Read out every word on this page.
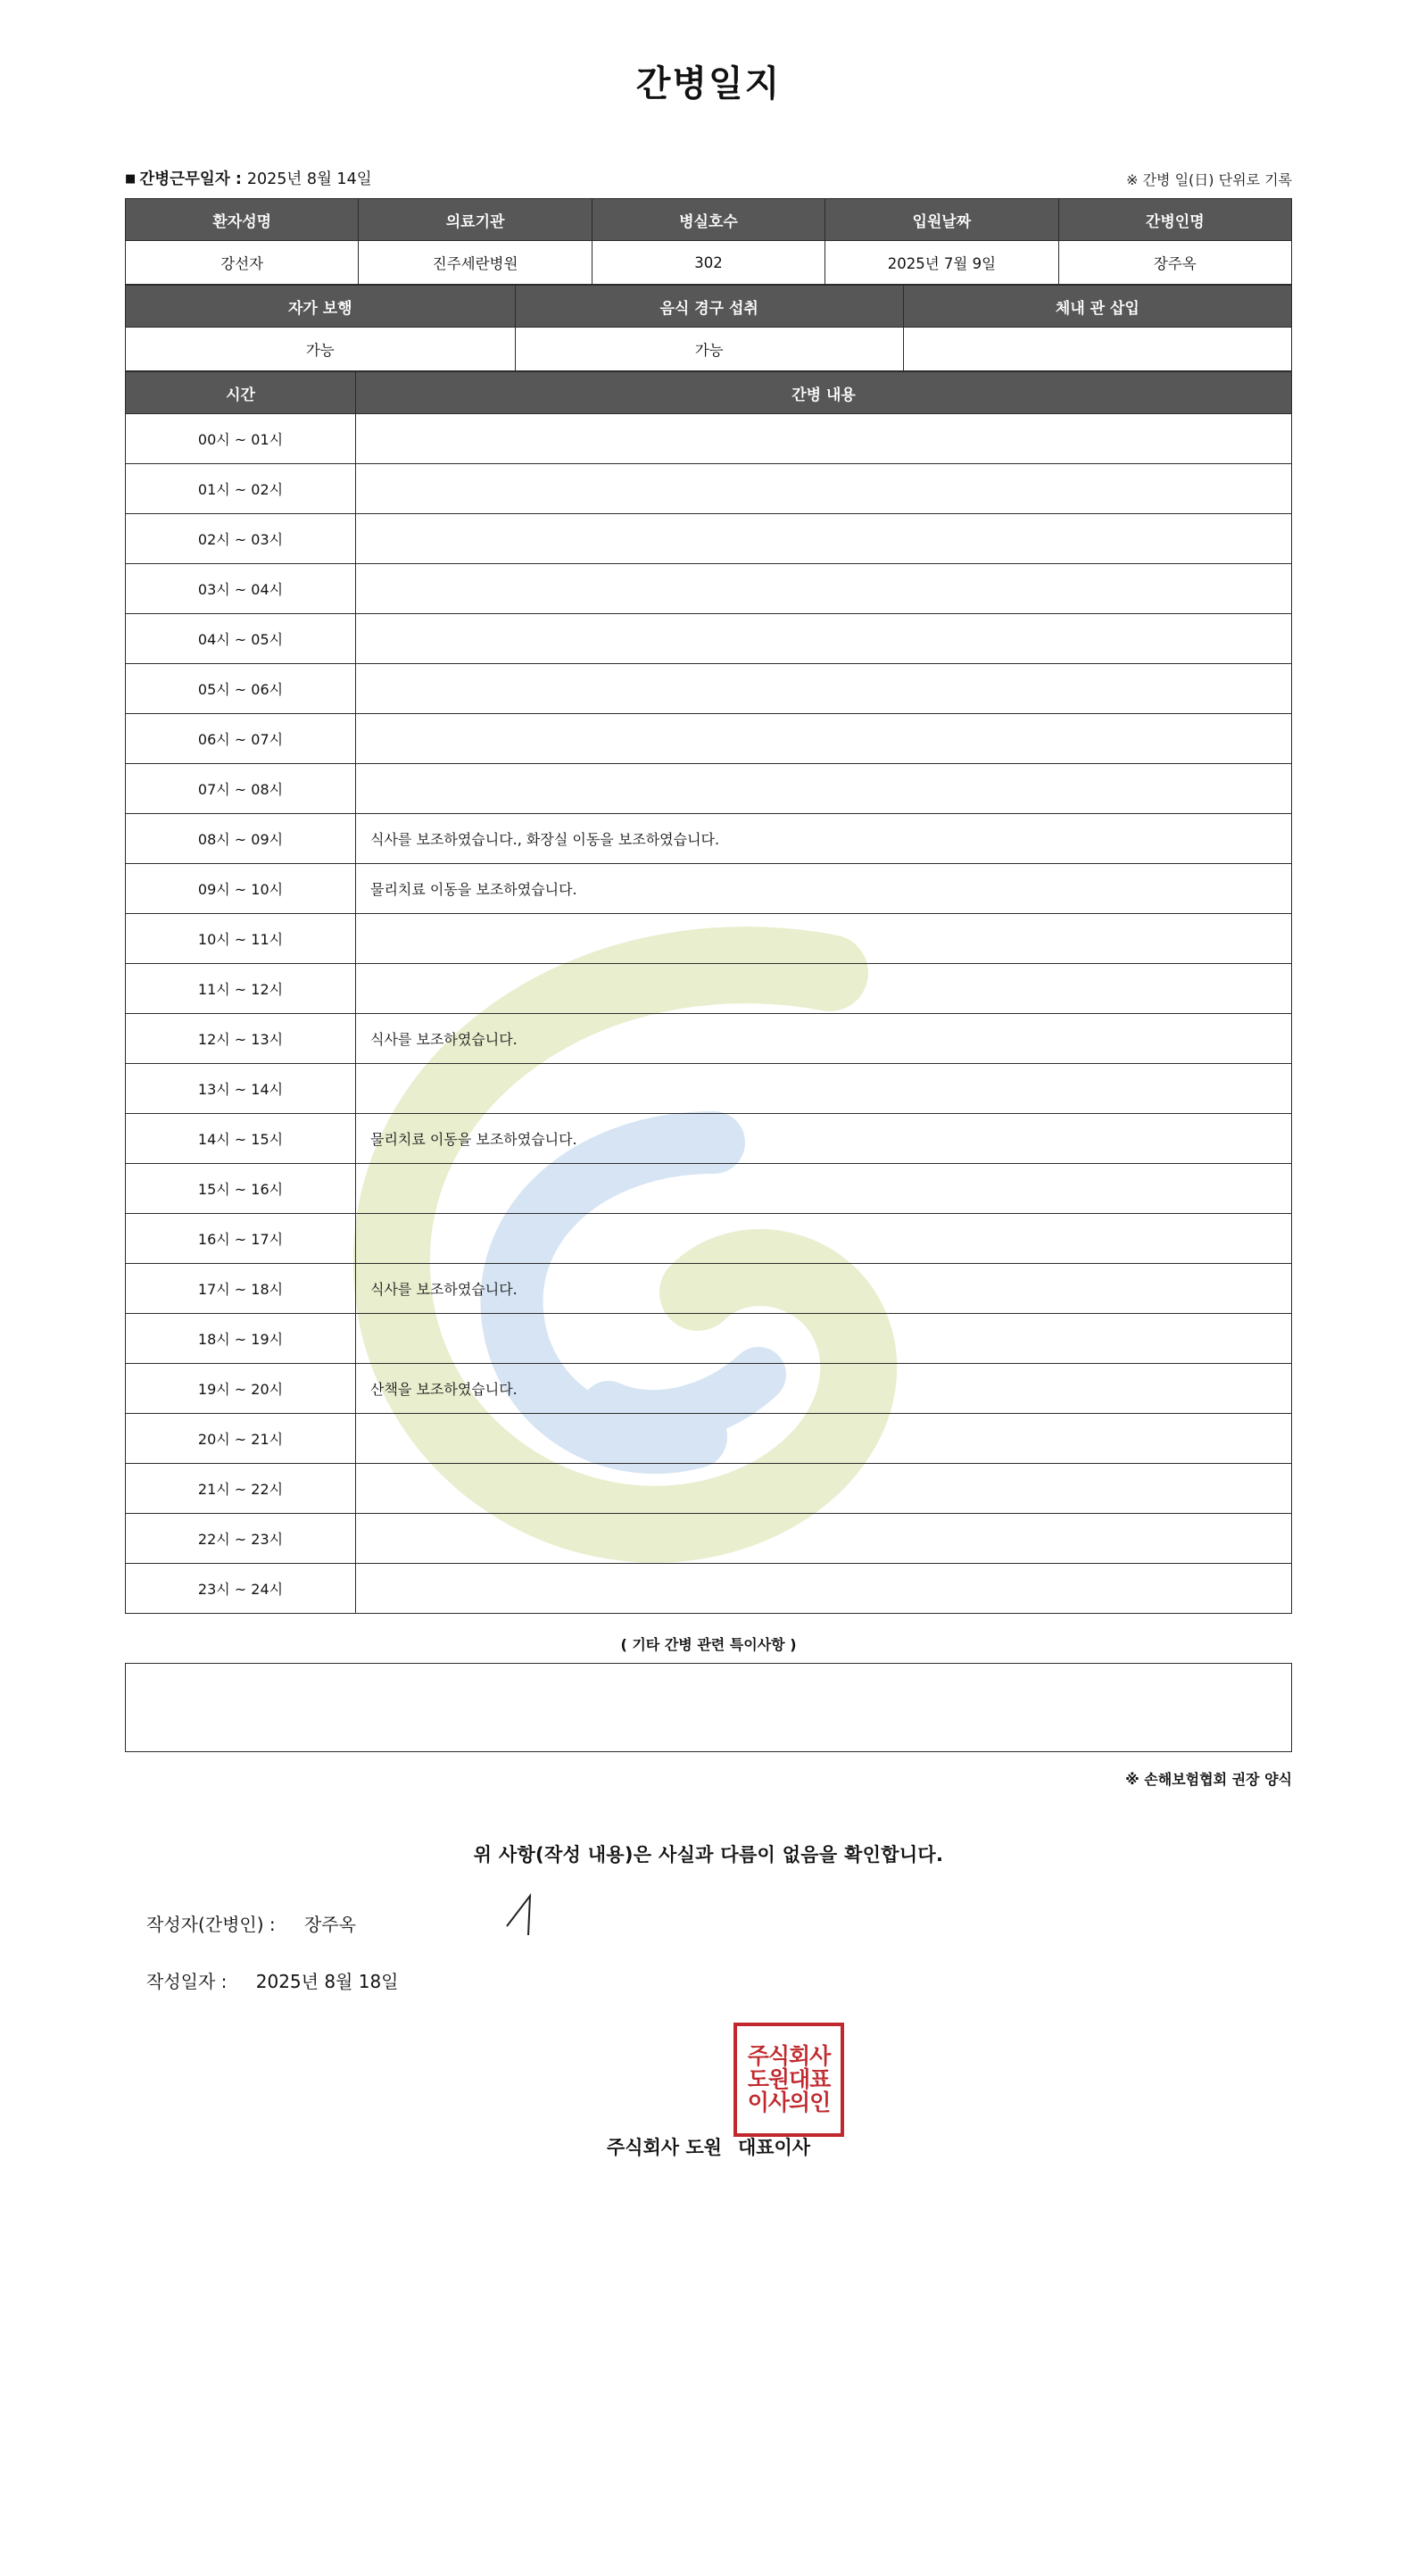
간병일지
■ 간병근무일자 : 2025년 8월 14일	※ 간병 일(日) 단위로 기록
환자성명	의료기관	병실호수	입원날짜	간병인명
강선자	진주세란병원	302	2025년 7월 9일	장주옥
자가 보행	음식 경구 섭취	체내 관 삽입
가능	가능	
시간	간병 내용
00시 ~ 01시	
01시 ~ 02시	
02시 ~ 03시	
03시 ~ 04시	
04시 ~ 05시	
05시 ~ 06시	
06시 ~ 07시	
07시 ~ 08시	
08시 ~ 09시	식사를 보조하였습니다., 화장실 이동을 보조하였습니다.
09시 ~ 10시	물리치료 이동을 보조하였습니다.
10시 ~ 11시	
11시 ~ 12시	
12시 ~ 13시	식사를 보조하였습니다.
13시 ~ 14시	
14시 ~ 15시	물리치료 이동을 보조하였습니다.
15시 ~ 16시	
16시 ~ 17시	
17시 ~ 18시	식사를 보조하였습니다.
18시 ~ 19시	
19시 ~ 20시	산책을 보조하였습니다.
20시 ~ 21시	
21시 ~ 22시	
22시 ~ 23시	
23시 ~ 24시	
( 기타 간병 관련 특이사항 )
※ 손해보험협회 권장 양식
위 사항(작성 내용)은 사실과 다름이 없음을 확인합니다.
작성자(간병인) : 장주옥
작성일자 : 2025년 8월 18일
주식회사
도원대표
이사의인
주식회사 도원 대표이사
